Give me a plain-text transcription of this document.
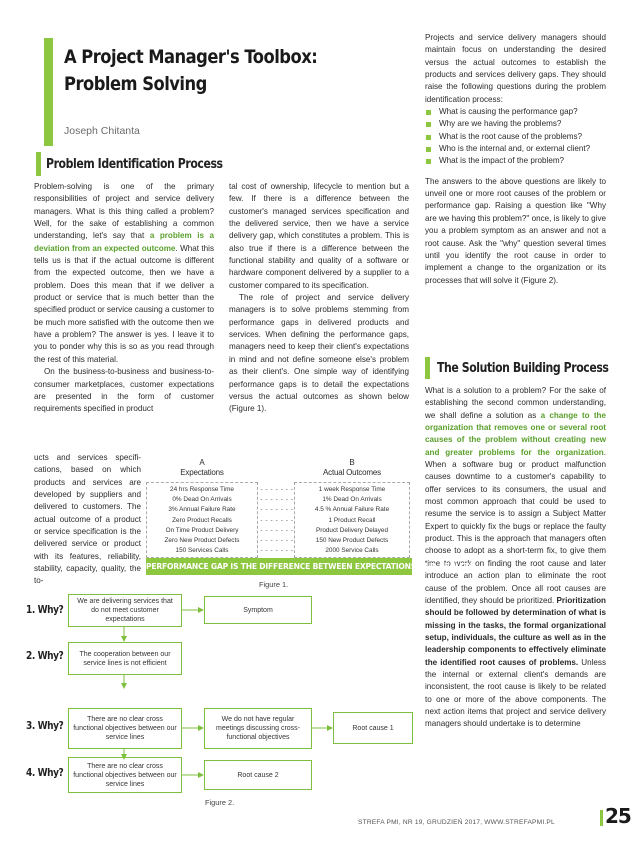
A Project Manager's Toolbox:
Problem Solving
Joseph Chitanta
Problem Identification Process

Problem-solving is one of the primary responsibilities of project and service delivery managers. What is this thing called a problem? Well, for the sake of establishing a common understanding, let's say that a problem is a deviation from an expected outcome. What this tells us is that if the actual outcome is different from the expected outcome, then we have a problem. Does this mean that if we deliver a product or service that is much better than the specified product or service causing a customer to be much more satisfied with the outcome then we have a problem? The answer is yes. I leave it to you to ponder why this is so as you read through the rest of this material.

On the business-to-business and business-to-consumer marketplaces, customer expectations are presented in the form of customer requirements specified in product

ucts and services specifi- cations, based on which products and services are developed by suppliers and delivered to customers. The actual outcome of a product or service specification is the delivered service or product with its features, reliability, stability, capacity, quality, the to-

tal cost of ownership, lifecycle to mention but a few. If there is a difference between the customer's managed services specification and the delivered service, then we have a service delivery gap, which constitutes a problem. This is also true if there is a difference between the functional stability and quality of a software or hardware component delivered by a supplier to a customer compared to its specification.

The role of project and service delivery managers is to solve problems stemming from performance gaps in delivered products and services. When defining the performance gaps, managers need to keep their client's expectations in mind and not define someone else's problem as their client's. One simple way of identifying performance gaps is to detail the expectations versus the actual outcomes as shown below (Figure 1).

Projects and service delivery managers should maintain focus on understanding the desired versus the actual outcomes to establish the products and services delivery gaps. They should raise the following questions during the problem identification process:

What is causing the performance gap?
Why are we having the problems?
What is the root cause of the problems?
Who is the internal and, or external client?
What is the impact of the problem?

The answers to the above questions are likely to unveil one or more root causes of the problem or performance gap. Raising a question like "Why are we having this problem?" once, is likely to give you a problem symptom as an answer and not a root cause. Ask the "why" question several times until you identify the root cause in order to implement a change to the organization or its processes that will solve it (Figure 2).

The Solution Building Process

What is a solution to a problem? For the sake of establishing the second common understanding, we shall define a solution as a change to the organization that removes one or several root causes of the problem without creating new and greater problems for the organization. When a software bug or product malfunction causes downtime to a customer's capability to offer services to its consumers, the usual and most common approach that could be used to resume the service is to assign a Subject Matter Expert to quickly fix the bugs or replace the faulty product. This is the approach that managers often choose to adopt as a short-term fix, to give them time to work on finding the root cause and later introduce an action plan to eliminate the root cause of the problem. Once all root causes are identified, they should be prioritized. Prioritization should be followed by determination of what is missing in the tasks, the formal organizational setup, individuals, the culture as well as in the leadership components to effectively eliminate the identified root causes of problems. Unless the internal or external client's demands are inconsistent, the root cause is likely to be related to one or more of the above components. The next action items that project and service delivery managers should undertake is to determine

A
Expectations
B
Actual Outcomes
24 hrs Response Time	- - - - - - -	1 week Response Time
0% Dead On Arrivals	- - - - - - -	1% Dead On Arrivals
3% Annual Failure Rate	- - - - - - -	4.5 % Annual Failure Rate
Zero Product Recalls	- - - - - - -	1 Product Recall
On Time Product Delivery	- - - - - - -	Product Delivery Delayed
Zero New Product Defects	- - - - - - -	150 New Product Defects
150 Services Calls	- - - - - - -	2000 Service Calls
PERFORMANCE GAP IS THE DIFFERENCE BETWEEN EXPECTATIONS AND REALITY.
Figure 1.
1. Why?
2. Why?
3. Why?
4. Why?
We are delivering services that do not meet customer expectations
The cooperation between our service lines is not efficient
There are no clear cross functional objectives between our service lines
There are no clear cross functional objectives between our service lines
Symptom
We do not have regular meetings discussing cross-functional objectives
Root cause 1
Root cause 2
Figure 2.
STREFA PMI, NR 19, GRUDZIEŃ 2017, WWW.STREFAPMI.PL	25
